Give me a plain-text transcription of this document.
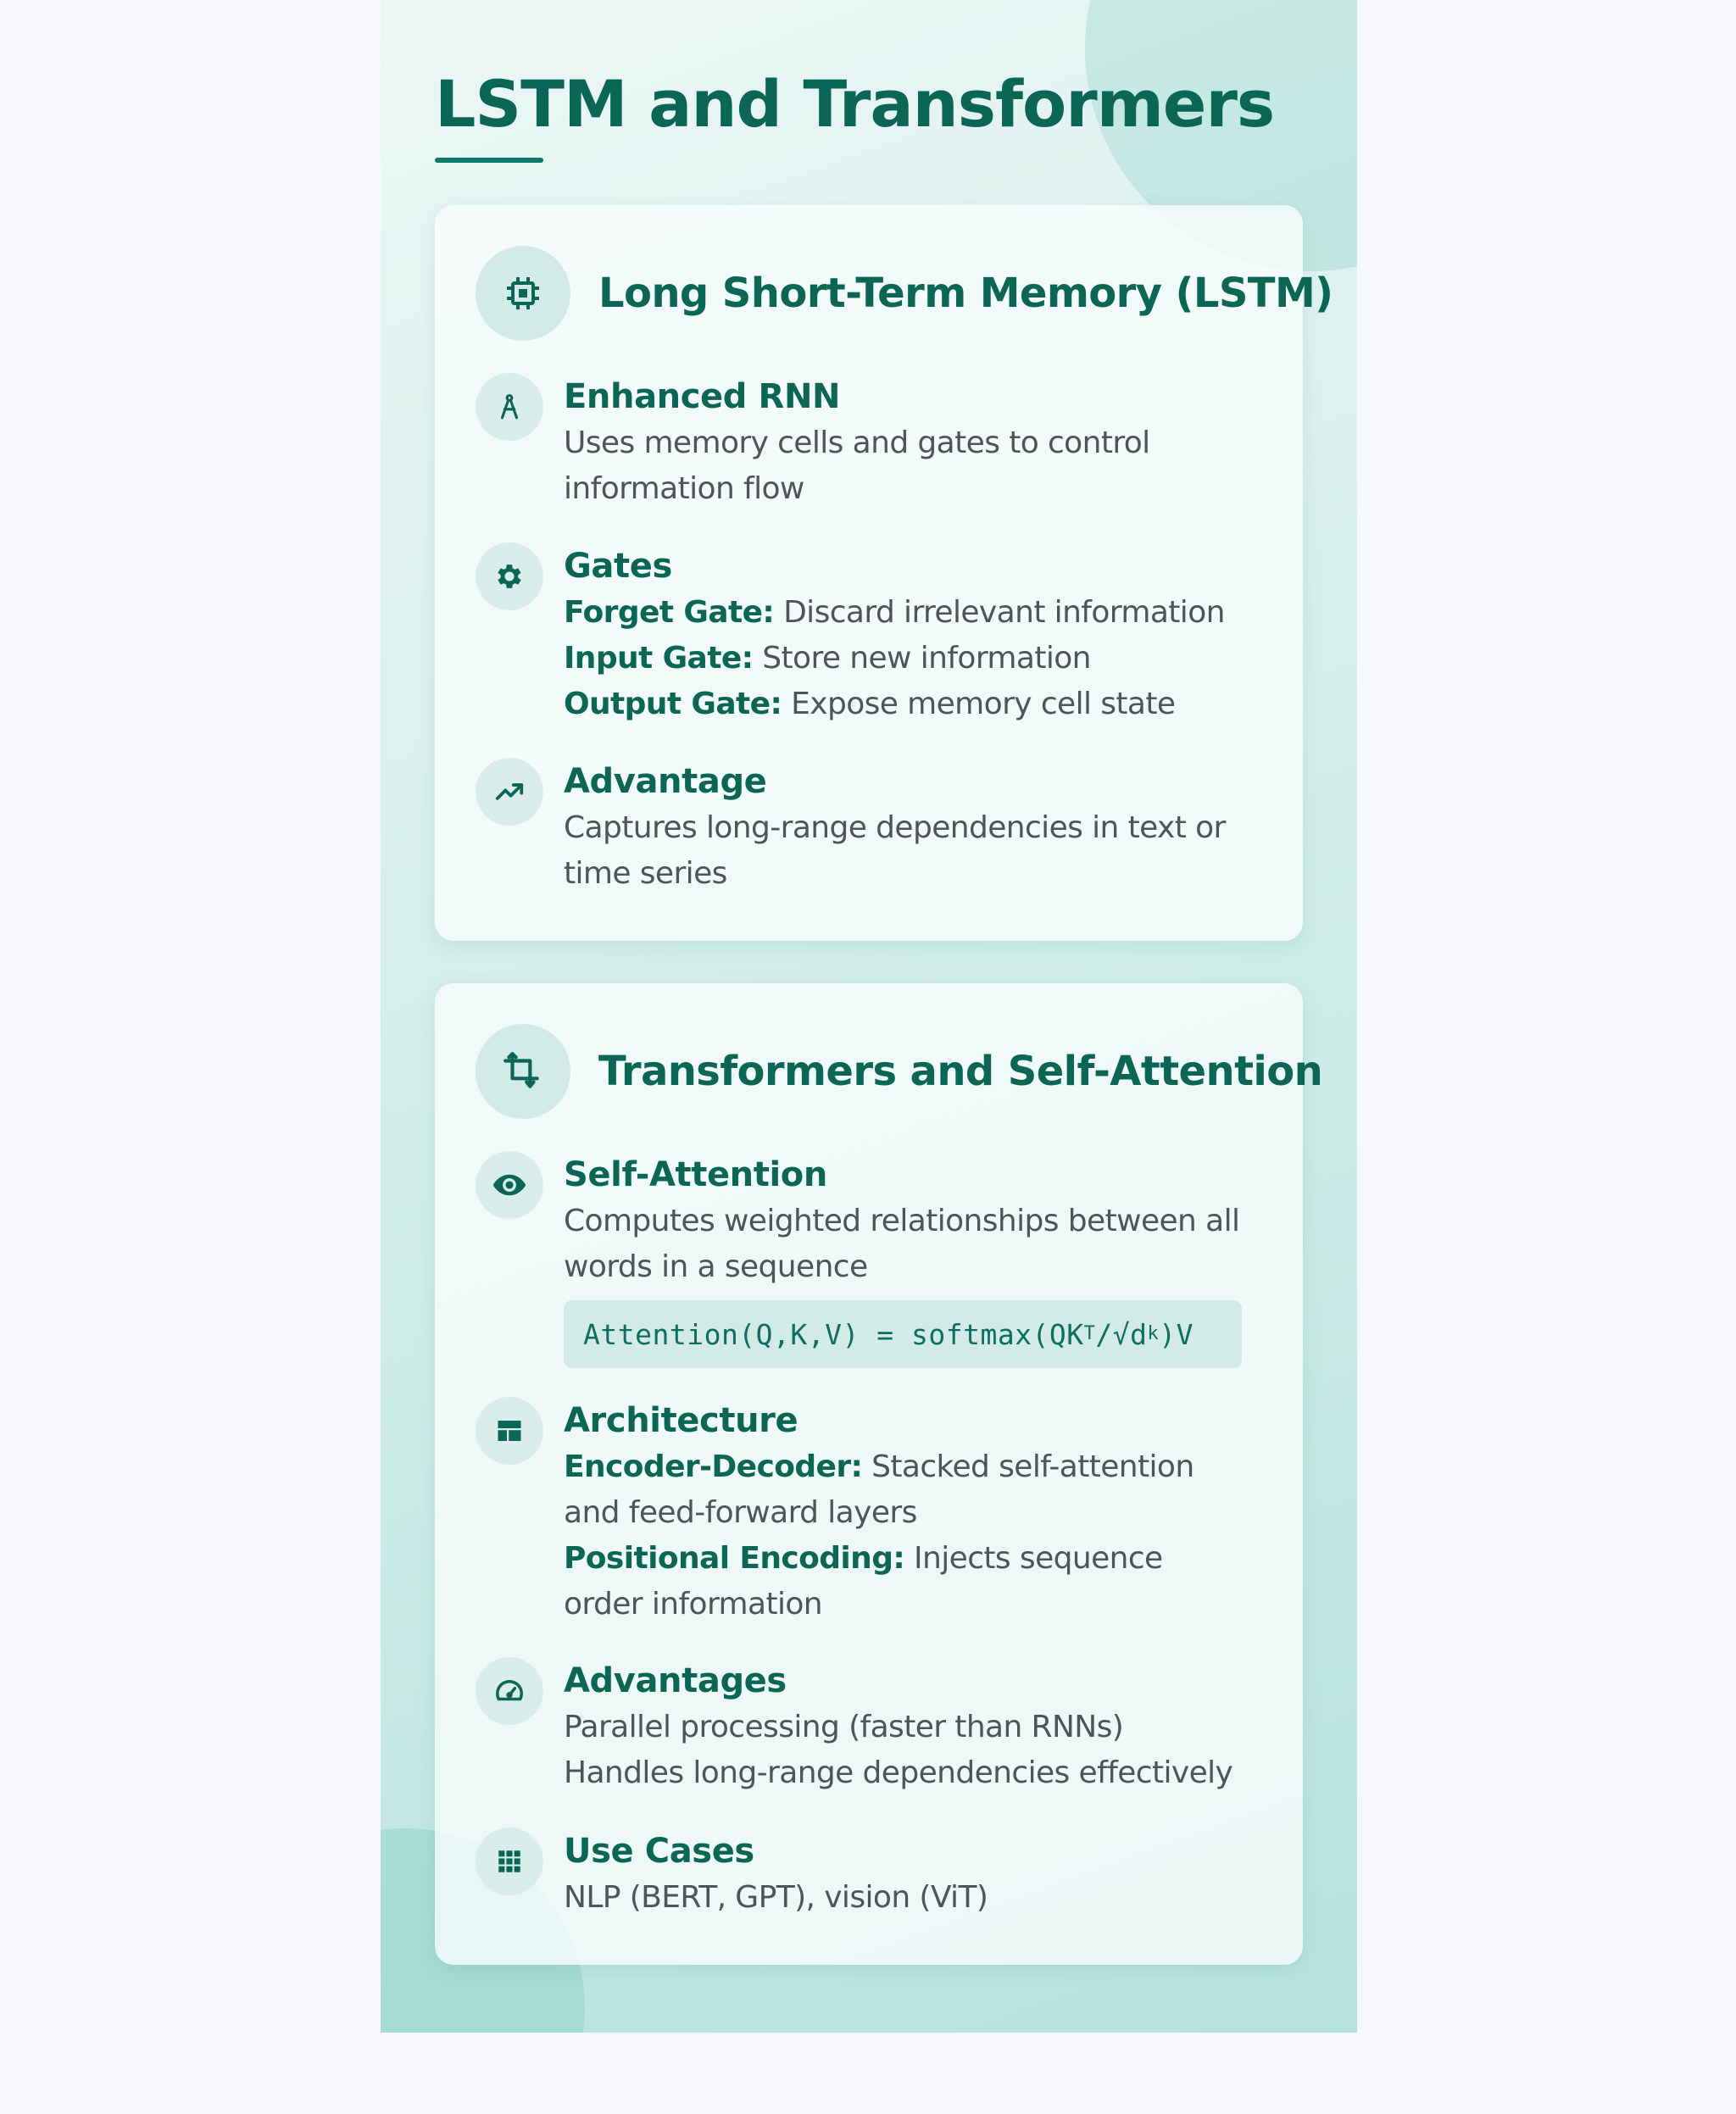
LSTM and Transformers
Long Short-Term Memory (LSTM)

Enhanced RNN

Uses memory cells and gates to control information flow

Gates

Forget Gate: Discard irrelevant information

Input Gate: Store new information

Output Gate: Expose memory cell state

Advantage

Captures long-range dependencies in text or time series

Transformers and Self-Attention

Self-Attention

Computes weighted relationships between all words in a sequence

Attention(Q,K,V) = softmax(QK T /√d k )V

Architecture

Encoder-Decoder: Stacked self-attention and feed-forward layers

Positional Encoding: Injects sequence order information

Advantages

Parallel processing (faster than RNNs)

Handles long-range dependencies effectively

Use Cases

NLP (BERT, GPT), vision (ViT)
